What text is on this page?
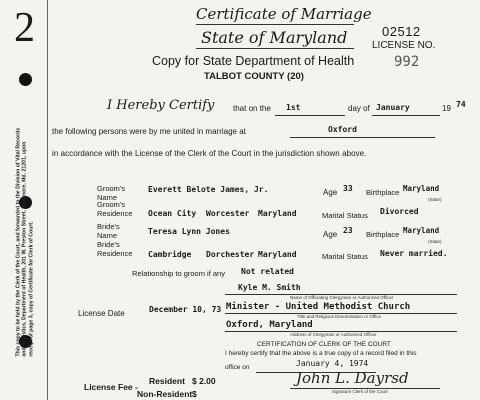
2
This copy to be held by the Clerk of the Court, and forwarded to the Division of Vital Records and Statistics, Department of Health, 201 W. Preston Street, Baltimore, Md. 21201, upon receipt of page 3, copy of Certificate for Clerk of Court.
Certificate of Marriage
State of Maryland
Copy for State Department of Health
TALBOT COUNTY (20)
02512
LICENSE NO.
992
I Hereby Certify that on the 1st	day of January	19 74
the following persons were by me united in marriage at	Oxford
in accordance with the License of the Clerk of the Court in the jurisdiction shown above.
Groom's Name
Everett Belote James, Jr.	Age 33 Birthplace Maryland
(State)
Groom's Residence	Ocean City Worcester Maryland	Marital Status Divorced
Bride's Name	Teresa Lynn Jones	Age 23 Birthplace Maryland
(State)
Bride's Residence	Cambridge Dorchester Maryland	Marital Status Never married.
Relationship to groom if any Not related
Kyle M. Smith
Name of Officiating Clergyman or Authorized Officer
Minister - United Methodist Church
Title and Religious Denomination or Office
Oxford, Maryland
Address of Clergyman or Authorized Officer
License Date	December 10, 73
CERTIFICATION OF CLERK OF THE COURT
I hereby certify that the above is a true copy of a record filed in this
office on	January 4, 1974
John L. Dayrsd
Signature Clerk of the Court
License Fee -
Resident $ 2.00
Non-Resident $
